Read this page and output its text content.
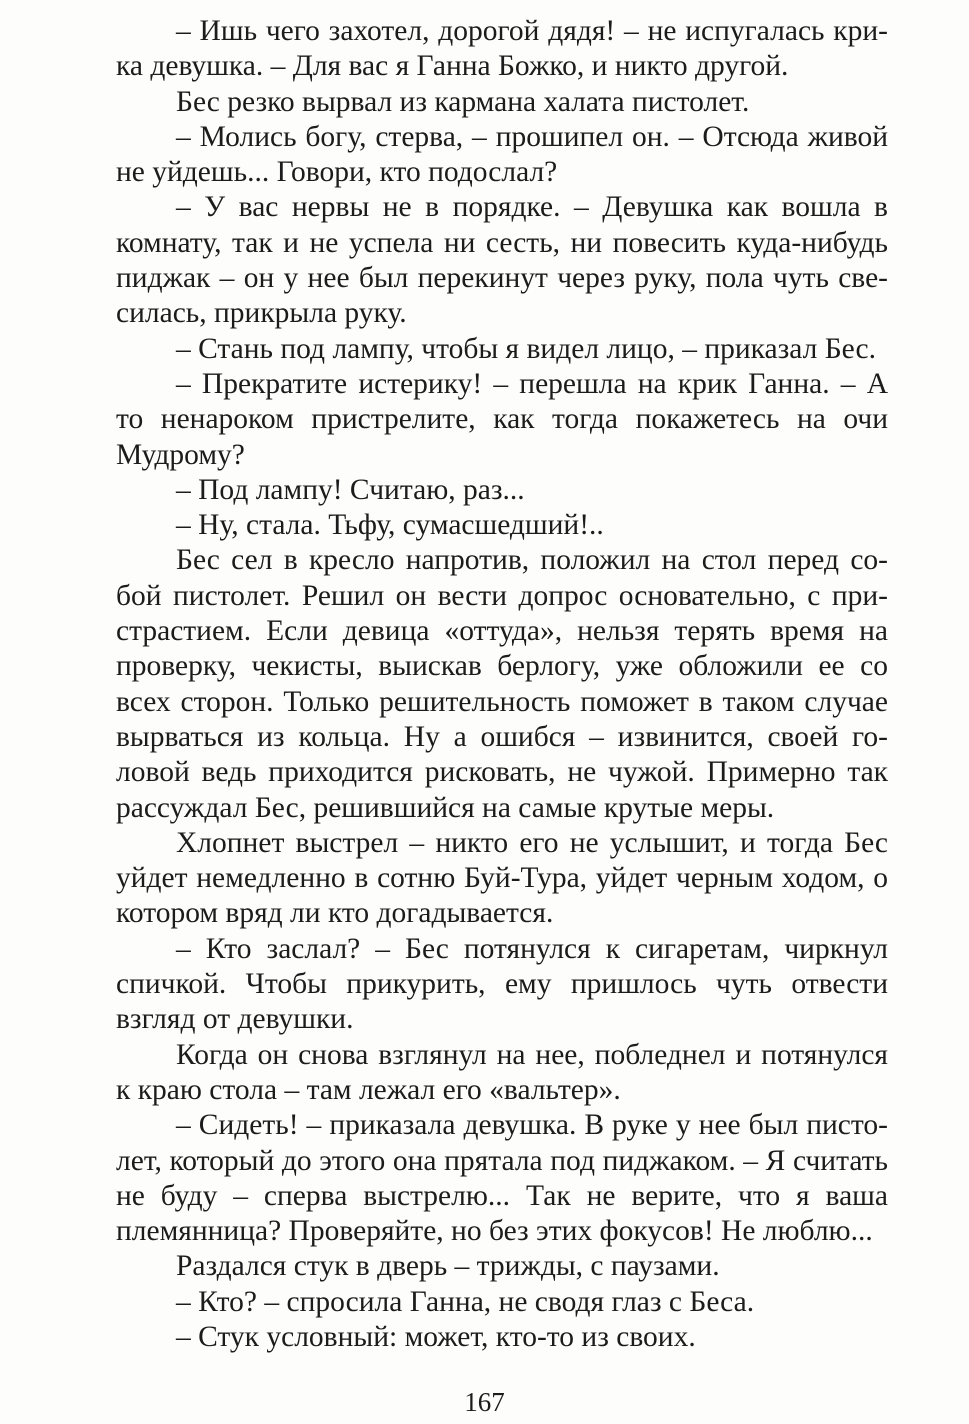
– Ишь чего захотел, дорогой дядя! – не испугалась крика девушка. – Для вас я Ганна Божко, и никто другой.

Бес резко вырвал из кармана халата пистолет.

– Молись богу, стерва, – прошипел он. – Отсюда живой не уйдешь... Говори, кто подослал?

– У вас нервы не в порядке. – Девушка как вошла в комнату, так и не успела ни сесть, ни повесить куда-нибудь пиджак – он у нее был перекинут через руку, пола чуть свесилась, прикрыла руку.

– Стань под лампу, чтобы я видел лицо, – приказал Бес.

– Прекратите истерику! – перешла на крик Ганна. – А то ненароком пристрелите, как тогда покажетесь на очи Мудрому?

– Под лампу! Считаю, раз...

– Ну, стала. Тьфу, сумасшедший!..

Бес сел в кресло напротив, положил на стол перед собой пистолет. Решил он вести допрос основательно, с пристрастием. Если девица «оттуда», нельзя терять время на проверку, чекисты, выискав берлогу, уже обложили ее со всех сторон. Только решительность поможет в таком случае вырваться из кольца. Ну а ошибся – извинится, своей головой ведь приходится рисковать, не чужой. Примерно так рассуждал Бес, решившийся на самые крутые меры.

Хлопнет выстрел – никто его не услышит, и тогда Бес уйдет немедленно в сотню Буй-Тура, уйдет черным ходом, о котором вряд ли кто догадывается.

– Кто заслал? – Бес потянулся к сигаретам, чиркнул спичкой. Чтобы прикурить, ему пришлось чуть отвести взгляд от девушки.

Когда он снова взглянул на нее, побледнел и потянулся к краю стола – там лежал его «вальтер».

– Сидеть! – приказала девушка. В руке у нее был пистолет, который до этого она прятала под пиджаком. – Я считать не буду – сперва выстрелю... Так не верите, что я ваша племянница? Проверяйте, но без этих фокусов! Не люблю...

Раздался стук в дверь – трижды, с паузами.

– Кто? – спросила Ганна, не сводя глаз с Беса.

– Стук условный: может, кто-то из своих.

167
